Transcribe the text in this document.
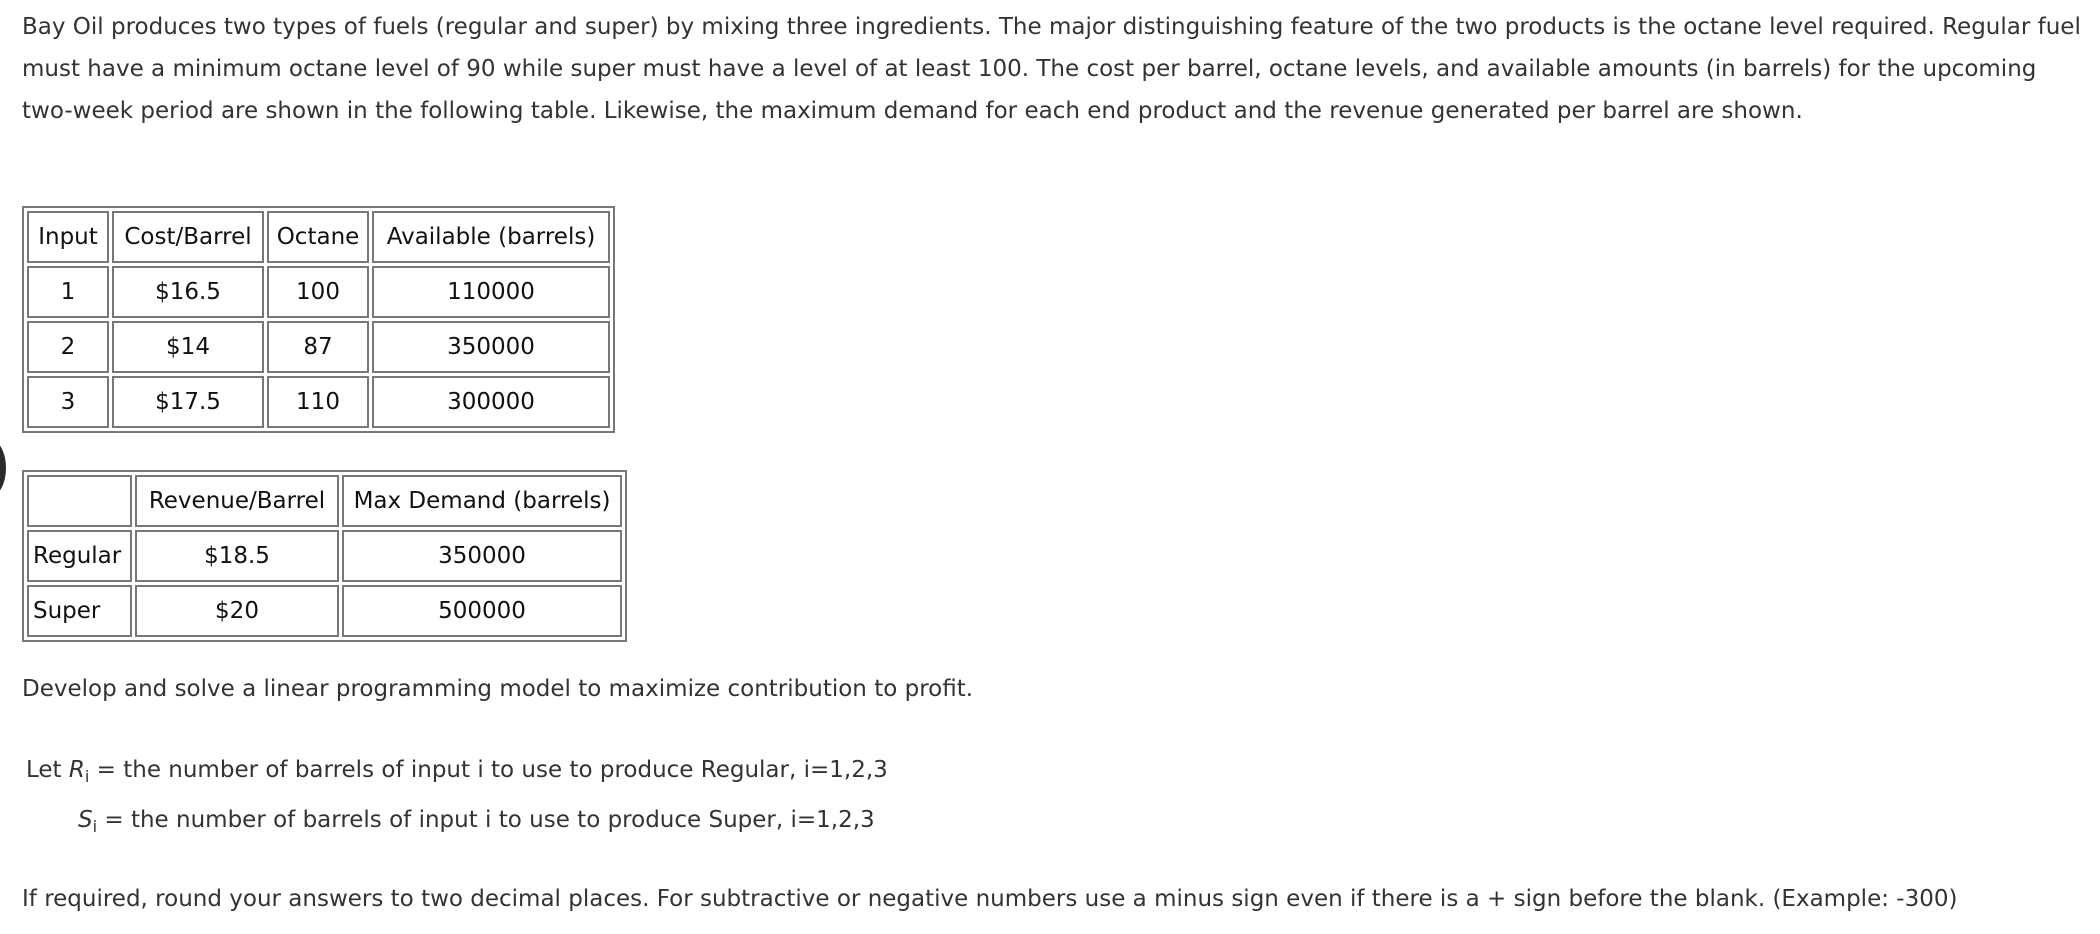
Bay Oil produces two types of fuels (regular and super) by mixing three ingredients. The major distinguishing feature of the two products is the octane level required. Regular fuel must have a minimum octane level of 90 while super must have a level of at least 100. The cost per barrel, octane levels, and available amounts (in barrels) for the upcoming two-week period are shown in the following table. Likewise, the maximum demand for each end product and the revenue generated per barrel are shown.

Input	Cost/Barrel	Octane	Available (barrels)
1	$16.5	100	110000
2	$14	87	350000
3	$17.5	110	300000
	Revenue/Barrel	Max Demand (barrels)
Regular	$18.5	350000
Super	$20	500000

Develop and solve a linear programming model to maximize contribution to profit.

Let $R_i$ = the number of barrels of input i to use to produce Regular, i=1,2,3

$S_i$ = the number of barrels of input i to use to produce Super, i=1,2,3

If required, round your answers to two decimal places. For subtractive or negative numbers use a minus sign even if there is a + sign before the blank. (Example: -300)
